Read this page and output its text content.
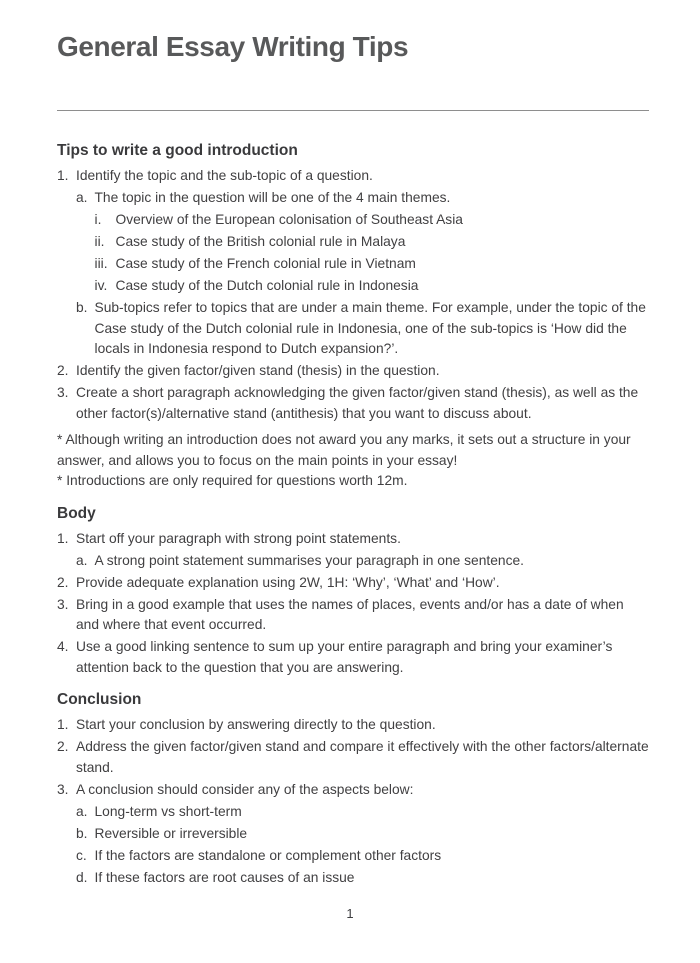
General Essay Writing Tips
Tips to write a good introduction
1. Identify the topic and the sub-topic of a question.
a. The topic in the question will be one of the 4 main themes.
i.	Overview of the European colonisation of Southeast Asia
ii. Case study of the British colonial rule in Malaya
iii. Case study of the French colonial rule in Vietnam
iv. Case study of the Dutch colonial rule in Indonesia
b. Sub-topics refer to topics that are under a main theme. For example, under the topic of the Case study of the Dutch colonial rule in Indonesia, one of the sub-topics is ‘How did the locals in Indonesia respond to Dutch expansion?’.
2. Identify the given factor/given stand (thesis) in the question.
3. Create a short paragraph acknowledging the given factor/given stand (thesis), as well as the other factor(s)/alternative stand (antithesis) that you want to discuss about.

* Although writing an introduction does not award you any marks, it sets out a structure in your answer, and allows you to focus on the main points in your essay!

* Introductions are only required for questions worth 12m.

Body
1. Start off your paragraph with strong point statements.
a. A strong point statement summarises your paragraph in one sentence.
2. Provide adequate explanation using 2W, 1H: ‘Why’, ‘What’ and ‘How’.
3. Bring in a good example that uses the names of places, events and/or has a date of when and where that event occurred.
4. Use a good linking sentence to sum up your entire paragraph and bring your examiner’s attention back to the question that you are answering.
Conclusion
1. Start your conclusion by answering directly to the question.
2. Address the given factor/given stand and compare it effectively with the other factors/alternate stand.
3. A conclusion should consider any of the aspects below:
a. Long-term vs short-term
b. Reversible or irreversible
c. If the factors are standalone or complement other factors
d. If these factors are root causes of an issue
1
